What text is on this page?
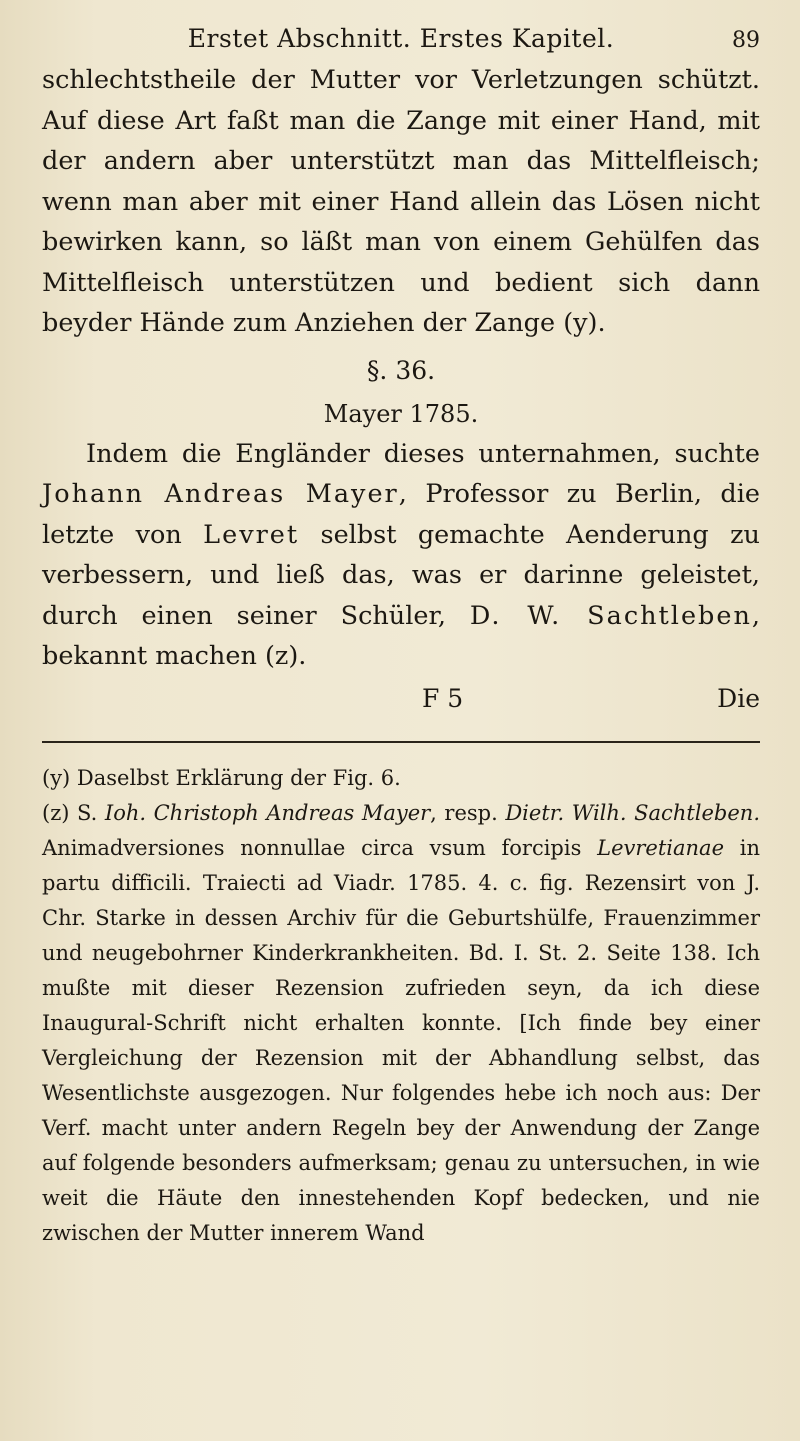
Erstet Abschnitt. Erstes Kapitel.	89

schlechtstheile der Mutter vor Verletzungen schützt. Auf diese Art faßt man die Zange mit einer Hand, mit der andern aber unterstützt man das Mittelfleisch; wenn man aber mit einer Hand allein das Lösen nicht bewirken kann, so läßt man von einem Gehülfen das Mittelfleisch unterstützen und bedient sich dann beyder Hände zum Anziehen der Zange (y).

§. 36.
Mayer 1785.

Indem die Engländer dieses unternahmen, suchte Johann Andreas Mayer, Professor zu Berlin, die letzte von Levret selbst gemachte Aenderung zu verbessern, und ließ das, was er darinne geleistet, durch einen seiner Schüler, D. W. Sachtleben, bekannt machen (z).

F 5	Die

(y) Daselbst Erklärung der Fig. 6.

(z) S. Ioh. Christoph Andreas Mayer, resp. Dietr. Wilh. Sachtleben. Animadversiones nonnullae circa vsum forcipis Levretianae in partu difficili. Traiecti ad Viadr. 1785. 4. c. fig. Rezensirt von J. Chr. Starke in dessen Archiv für die Geburtshülfe, Frauenzimmer und neugebohrner Kinderkrankheiten. Bd. I. St. 2. Seite 138. Ich mußte mit dieser Rezension zufrieden seyn, da ich diese Inaugural-Schrift nicht erhalten konnte. [Ich finde bey einer Vergleichung der Rezension mit der Abhandlung selbst, das Wesentlichste ausgezogen. Nur folgendes hebe ich noch aus: Der Verf. macht unter andern Regeln bey der Anwendung der Zange auf folgende besonders aufmerksam; genau zu untersuchen, in wie weit die Häute den innestehenden Kopf bedecken, und nie zwischen der Mutter innerem Wand
